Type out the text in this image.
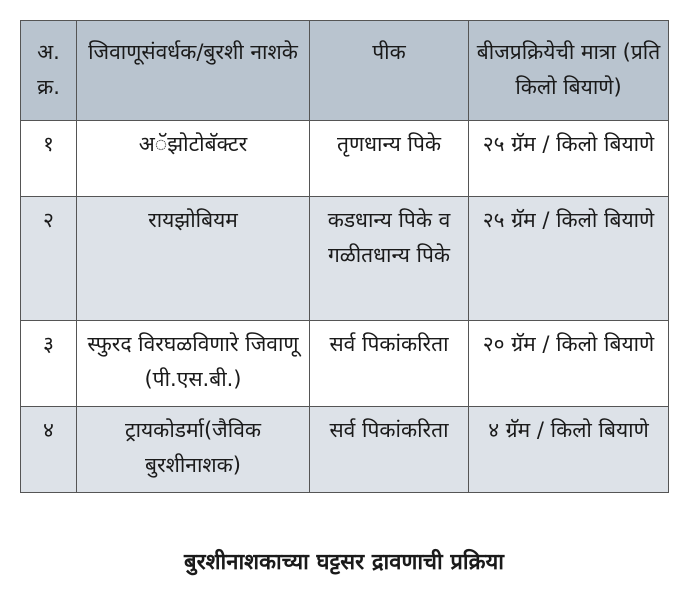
अ. क्र.	जिवाणूसंवर्धक/बुरशी नाशके	पीक	बीजप्रक्रियेची मात्रा (प्रति किलो बियाणे)
१	अॅझोटोबॅक्टर	तृणधान्य पिके	२५ ग्रॅम / किलो बियाणे
२	रायझोबियम	कडधान्य पिके व गळीतधान्य पिके	२५ ग्रॅम / किलो बियाणे
३	स्फुरद विरघळविणारे जिवाणू (पी.एस.बी.)	सर्व पिकांकरिता	२० ग्रॅम / किलो बियाणे
४	ट्रायकोडर्मा(जैविक बुरशीनाशक)	सर्व पिकांकरिता	४ ग्रॅम / किलो बियाणे
बुरशीनाशकाच्या घट्टसर द्रावणाची प्रक्रिया
